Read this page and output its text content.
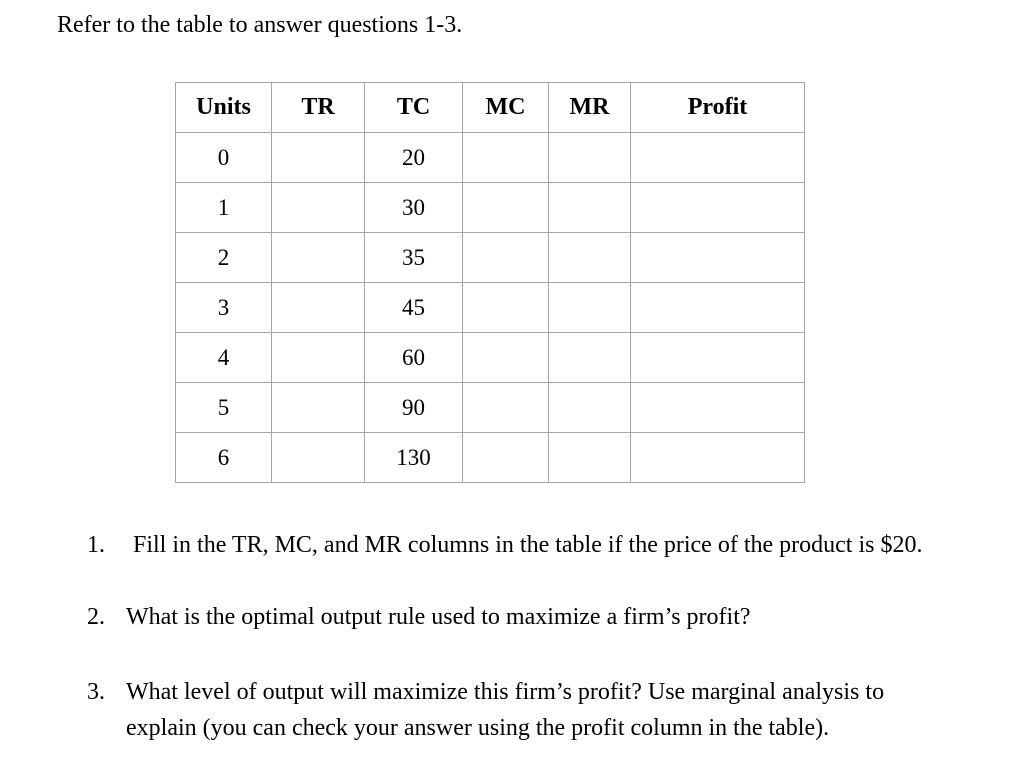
Refer to the table to answer questions 1-3.
Units	TR	TC	MC	MR	Profit
0		20			
1		30			
2		35			
3		45			
4		60			
5		90			
6		130			
1. Fill in the TR, MC, and MR columns in the table if the price of the product is $20.
2. What is the optimal output rule used to maximize a firm’s profit?
3. What level of output will maximize this firm’s profit? Use marginal analysis to
explain (you can check your answer using the profit column in the table).
